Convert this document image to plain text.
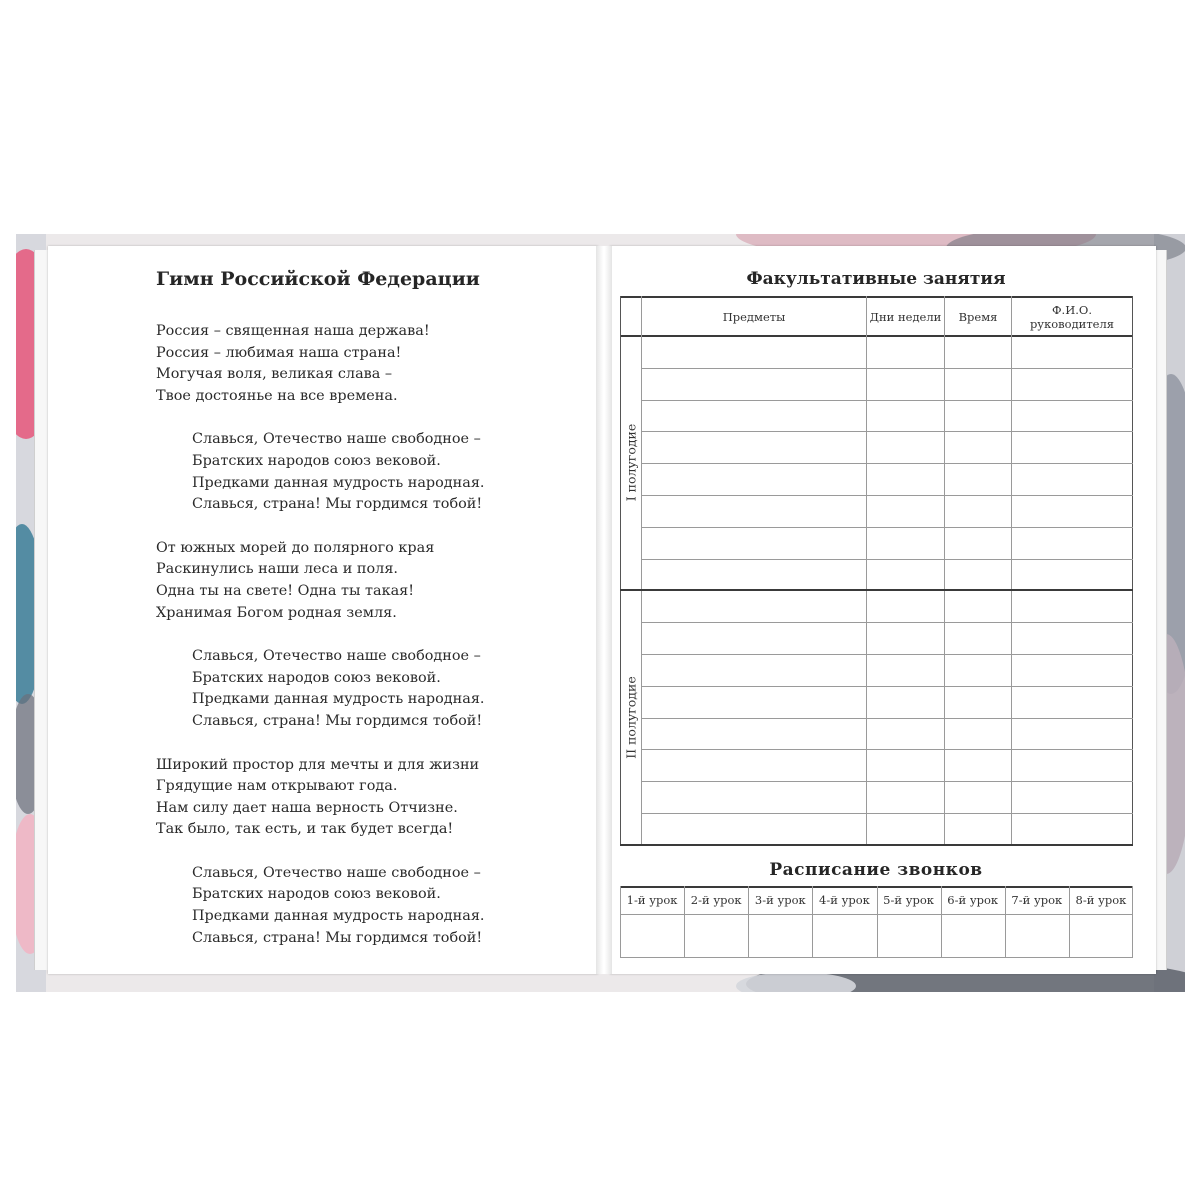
Гимн Российской Федерации
Россия – священная наша держава!
Россия – любимая наша страна!
Могучая воля, великая слава –
Твое достоянье на все времена.
Славься, Отечество наше свободное –
Братских народов союз вековой.
Предками данная мудрость народная.
Славься, страна! Мы гордимся тобой!
От южных морей до полярного края
Раскинулись наши леса и поля.
Одна ты на свете! Одна ты такая!
Хранимая Богом родная земля.
Славься, Отечество наше свободное –
Братских народов союз вековой.
Предками данная мудрость народная.
Славься, страна! Мы гордимся тобой!
Широкий простор для мечты и для жизни
Грядущие нам открывают года.
Нам силу дает наша верность Отчизне.
Так было, так есть, и так будет всегда!
Славься, Отечество наше свободное –
Братских народов союз вековой.
Предками данная мудрость народная.
Славься, страна! Мы гордимся тобой!
Факультативные занятия
Предметы	Дни недели	Время	Ф.И.О.
руководителя
I полугодие
II полугодие
Расписание звонков
1-й урок	2-й урок	3-й урок	4-й урок	5-й урок	6-й урок	7-й урок	8-й урок
